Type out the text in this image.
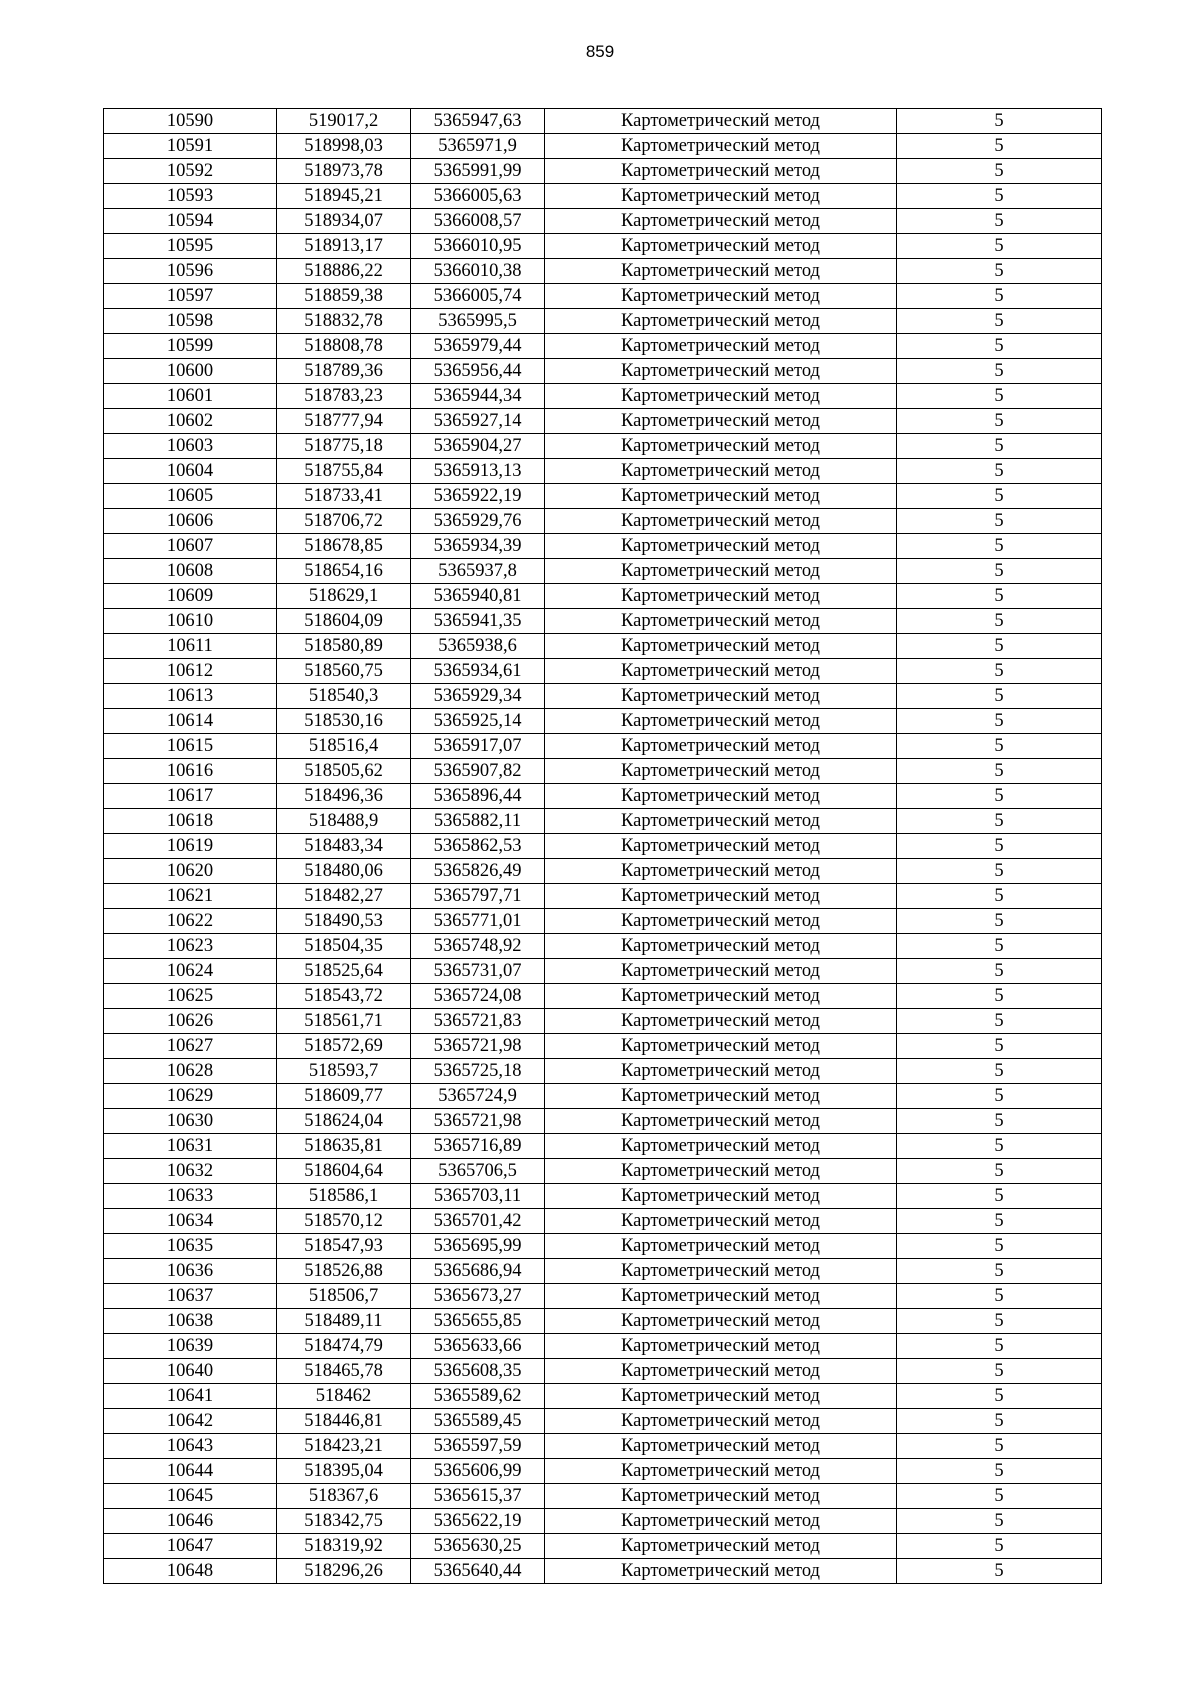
859
10590	519017,2	5365947,63	Картометрический метод	5
10591	518998,03	5365971,9	Картометрический метод	5
10592	518973,78	5365991,99	Картометрический метод	5
10593	518945,21	5366005,63	Картометрический метод	5
10594	518934,07	5366008,57	Картометрический метод	5
10595	518913,17	5366010,95	Картометрический метод	5
10596	518886,22	5366010,38	Картометрический метод	5
10597	518859,38	5366005,74	Картометрический метод	5
10598	518832,78	5365995,5	Картометрический метод	5
10599	518808,78	5365979,44	Картометрический метод	5
10600	518789,36	5365956,44	Картометрический метод	5
10601	518783,23	5365944,34	Картометрический метод	5
10602	518777,94	5365927,14	Картометрический метод	5
10603	518775,18	5365904,27	Картометрический метод	5
10604	518755,84	5365913,13	Картометрический метод	5
10605	518733,41	5365922,19	Картометрический метод	5
10606	518706,72	5365929,76	Картометрический метод	5
10607	518678,85	5365934,39	Картометрический метод	5
10608	518654,16	5365937,8	Картометрический метод	5
10609	518629,1	5365940,81	Картометрический метод	5
10610	518604,09	5365941,35	Картометрический метод	5
10611	518580,89	5365938,6	Картометрический метод	5
10612	518560,75	5365934,61	Картометрический метод	5
10613	518540,3	5365929,34	Картометрический метод	5
10614	518530,16	5365925,14	Картометрический метод	5
10615	518516,4	5365917,07	Картометрический метод	5
10616	518505,62	5365907,82	Картометрический метод	5
10617	518496,36	5365896,44	Картометрический метод	5
10618	518488,9	5365882,11	Картометрический метод	5
10619	518483,34	5365862,53	Картометрический метод	5
10620	518480,06	5365826,49	Картометрический метод	5
10621	518482,27	5365797,71	Картометрический метод	5
10622	518490,53	5365771,01	Картометрический метод	5
10623	518504,35	5365748,92	Картометрический метод	5
10624	518525,64	5365731,07	Картометрический метод	5
10625	518543,72	5365724,08	Картометрический метод	5
10626	518561,71	5365721,83	Картометрический метод	5
10627	518572,69	5365721,98	Картометрический метод	5
10628	518593,7	5365725,18	Картометрический метод	5
10629	518609,77	5365724,9	Картометрический метод	5
10630	518624,04	5365721,98	Картометрический метод	5
10631	518635,81	5365716,89	Картометрический метод	5
10632	518604,64	5365706,5	Картометрический метод	5
10633	518586,1	5365703,11	Картометрический метод	5
10634	518570,12	5365701,42	Картометрический метод	5
10635	518547,93	5365695,99	Картометрический метод	5
10636	518526,88	5365686,94	Картометрический метод	5
10637	518506,7	5365673,27	Картометрический метод	5
10638	518489,11	5365655,85	Картометрический метод	5
10639	518474,79	5365633,66	Картометрический метод	5
10640	518465,78	5365608,35	Картометрический метод	5
10641	518462	5365589,62	Картометрический метод	5
10642	518446,81	5365589,45	Картометрический метод	5
10643	518423,21	5365597,59	Картометрический метод	5
10644	518395,04	5365606,99	Картометрический метод	5
10645	518367,6	5365615,37	Картометрический метод	5
10646	518342,75	5365622,19	Картометрический метод	5
10647	518319,92	5365630,25	Картометрический метод	5
10648	518296,26	5365640,44	Картометрический метод	5
